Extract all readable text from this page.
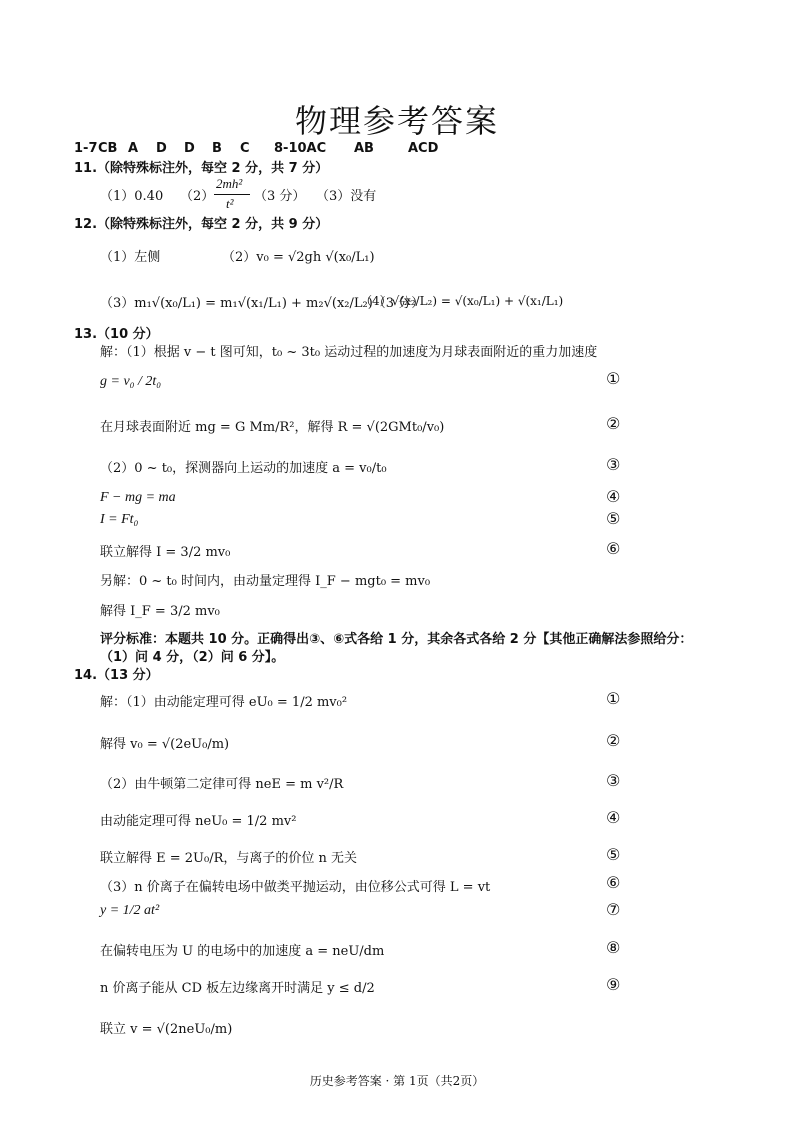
物理参考答案
1-7 CB A D D B C 8-10AC AB	ACD
11.（除特殊标注外，每空 2 分，共 7 分）
（1）0.40 （2）
2mh²
t² （3 分） （3）没有
12.（除特殊标注外，每空 2 分，共 9 分）
（1）左侧	（2）v₀ = √2gh √(x₀/L₁)
（3）m₁√(x₀/L₁) = m₁√(x₁/L₁) + m₂√(x₂/L₂)（3 分）
（4）√(x₂/L₂) = √(x₀/L₁) + √(x₁/L₁)
13.（10 分）
解：（1）根据 v − t 图可知，t₀ ~ 3t₀ 运动过程的加速度为月球表面附近的重力加速度
g = v₀ / 2t₀
在月球表面附近 mg = G Mm/R²，解得 R = √(2GMt₀/v₀)
（2）0 ~ t₀，探测器向上运动的加速度 a = v₀/t₀
F − mg = ma
I = Ft₀
联立解得 I = 3/2 mv₀
另解：0 ~ t₀ 时间内，由动量定理得 I_F − mgt₀ = mv₀
解得 I_F = 3/2 mv₀
评分标准：本题共 10 分。正确得出③、⑥式各给 1 分，其余各式各给 2 分【其他正确解法参照给分：
（1）问 4 分，（2）问 6 分】。
①
②
③
④
⑤
⑥
14.（13 分）
解：（1）由动能定理可得 eU₀ = 1/2 mv₀²
解得 v₀ = √(2eU₀/m)
（2）由牛顿第二定律可得 neE = m v²/R
由动能定理可得 neU₀ = 1/2 mv²
联立解得 E = 2U₀/R，与离子的价位 n 无关
（3）n 价离子在偏转电场中做类平抛运动，由位移公式可得 L = vt
y = 1/2 at²
在偏转电压为 U 的电场中的加速度 a = neU/dm
n 价离子能从 CD 板左边缘离开时满足 y ≤ d/2
联立 v = √(2neU₀/m)
①
②
③
④
⑤
⑥
⑦
⑧
⑨
历史参考答案 · 第 1页（共2页）
